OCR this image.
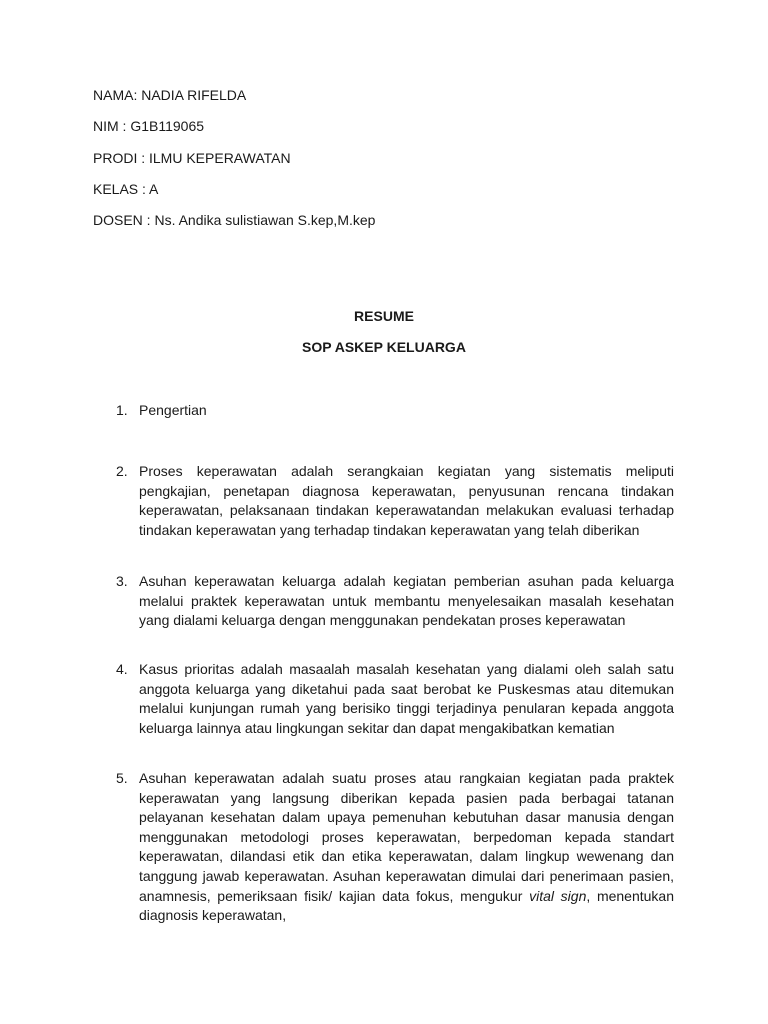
NAMA: NADIA RIFELDA
NIM : G1B119065
PRODI : ILMU KEPERAWATAN
KELAS : A
DOSEN : Ns. Andika sulistiawan S.kep,M.kep
RESUME
SOP ASKEP KELUARGA
1. Pengertian
2. Proses keperawatan adalah serangkaian kegiatan yang sistematis meliputi pengkajian, penetapan diagnosa keperawatan, penyusunan rencana tindakan keperawatan, pelaksanaan tindakan keperawatandan melakukan evaluasi terhadap tindakan keperawatan yang terhadap tindakan keperawatan yang telah diberikan
3. Asuhan keperawatan keluarga adalah kegiatan pemberian asuhan pada keluarga melalui praktek keperawatan untuk membantu menyelesaikan masalah kesehatan yang dialami keluarga dengan menggunakan pendekatan proses keperawatan
4. Kasus prioritas adalah masaalah masalah kesehatan yang dialami oleh salah satu anggota keluarga yang diketahui pada saat berobat ke Puskesmas atau ditemukan melalui kunjungan rumah yang berisiko tinggi terjadinya penularan kepada anggota keluarga lainnya atau lingkungan sekitar dan dapat mengakibatkan kematian
5. Asuhan keperawatan adalah suatu proses atau rangkaian kegiatan pada praktek keperawatan yang langsung diberikan kepada pasien pada berbagai tatanan pelayanan kesehatan dalam upaya pemenuhan kebutuhan dasar manusia dengan menggunakan metodologi proses keperawatan, berpedoman kepada standart keperawatan, dilandasi etik dan etika keperawatan, dalam lingkup wewenang dan tanggung jawab keperawatan. Asuhan keperawatan dimulai dari penerimaan pasien, anamnesis, pemeriksaan fisik/ kajian data fokus, mengukur vital sign, menentukan diagnosis keperawatan,
